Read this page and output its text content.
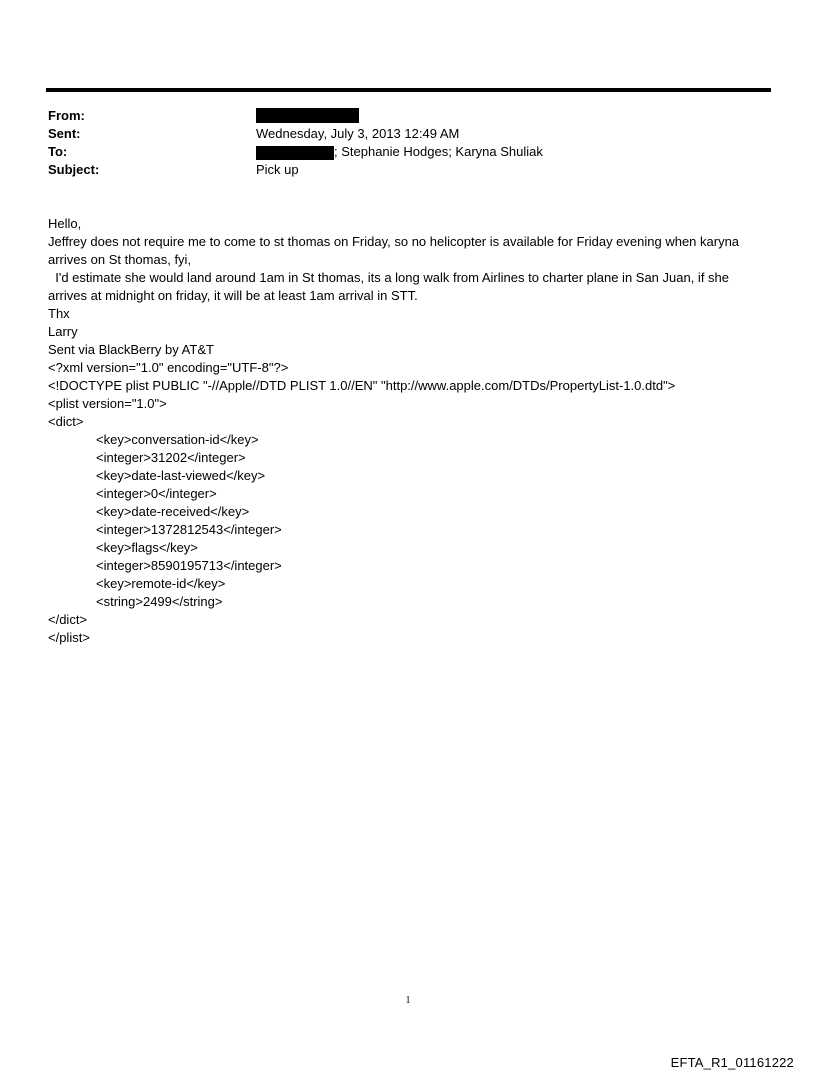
From:
Sent:	Wednesday, July 3, 2013 12:49 AM
To:	; Stephanie Hodges; Karyna Shuliak
Subject:	Pick up
Hello,
Jeffrey does not require me to come to st thomas on Friday, so no helicopter is available for Friday evening when karyna
arrives on St thomas, fyi,
I'd estimate she would land around 1am in St thomas, its a long walk from Airlines to charter plane in San Juan, if she
arrives at midnight on friday, it will be at least 1am arrival in STT.
Thx
Larry
Sent via BlackBerry by AT&T
<?xml version="1.0" encoding="UTF-8"?>
<!DOCTYPE plist PUBLIC "-//Apple//DTD PLIST 1.0//EN" "http://www.apple.com/DTDs/PropertyList-1.0.dtd">
<plist version="1.0">
<dict>
<key>conversation-id</key>
<integer>31202</integer>
<key>date-last-viewed</key>
<integer>0</integer>
<key>date-received</key>
<integer>1372812543</integer>
<key>flags</key>
<integer>8590195713</integer>
<key>remote-id</key>
<string>2499</string>
</dict>
</plist>
1
EFTA_R1_01161222
